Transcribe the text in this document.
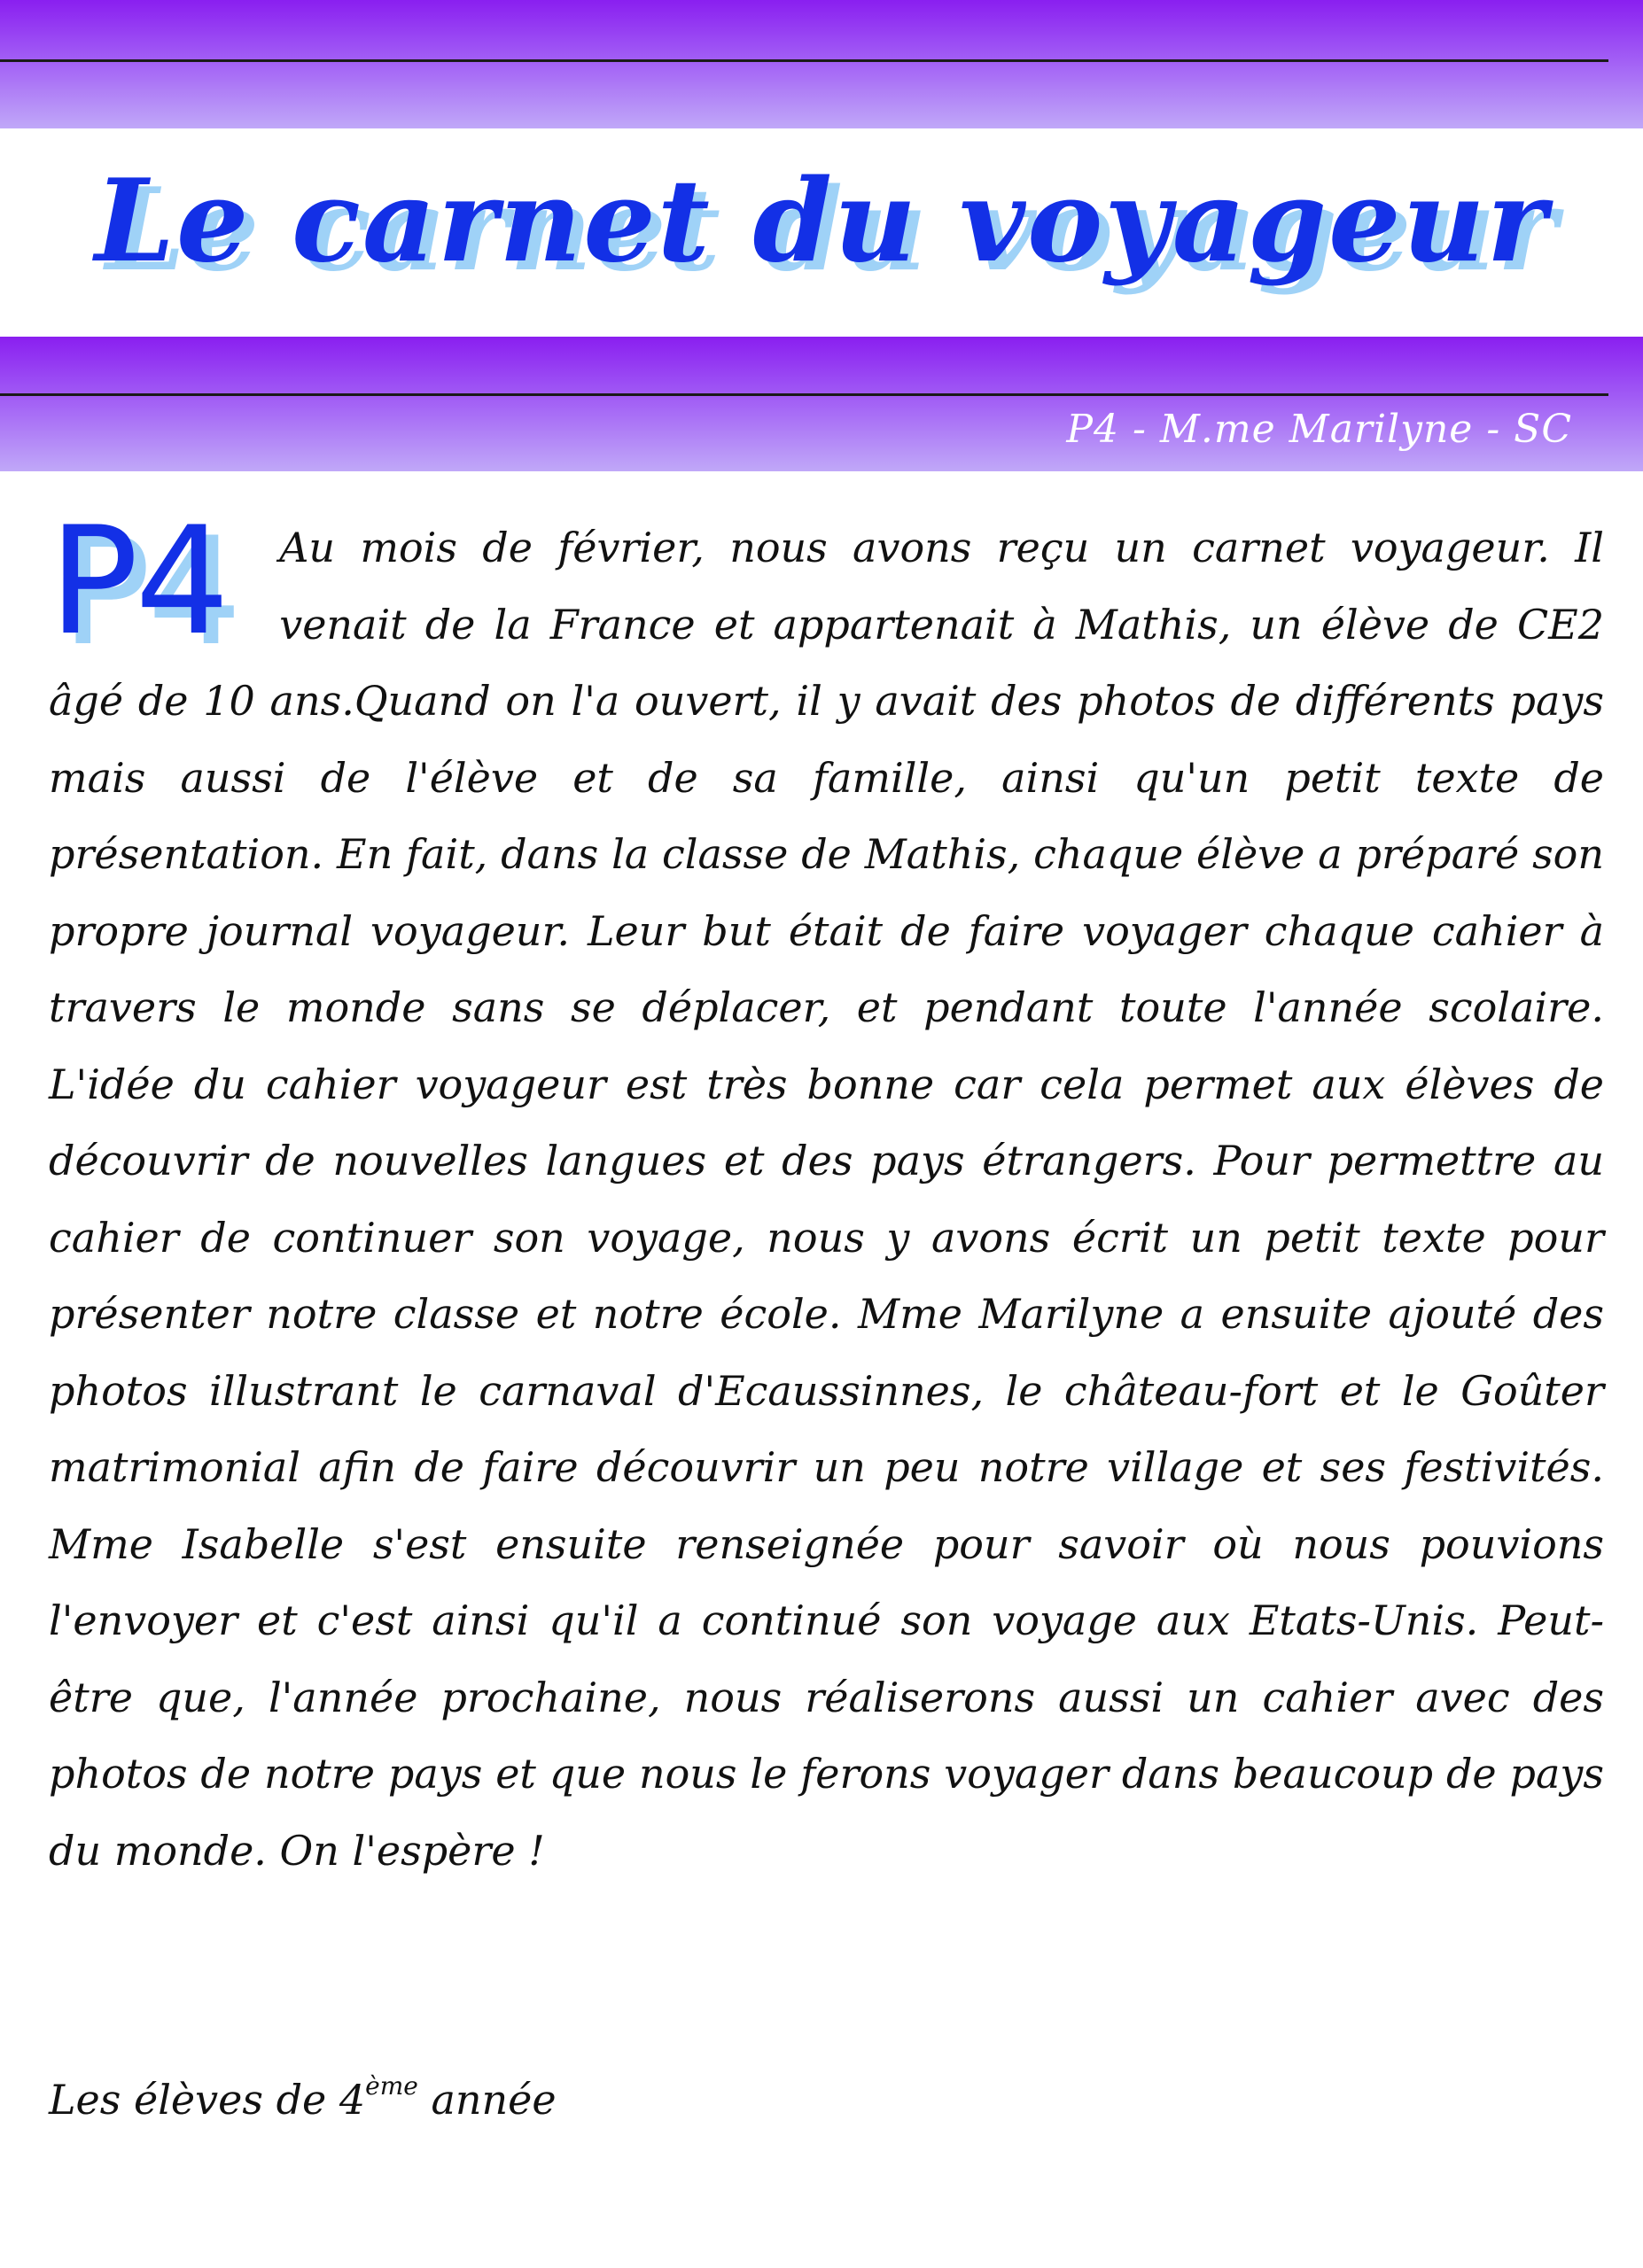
Le carnet du voyageur
P4 - M.me Marilyne - SC
P4	Au mois de février, nous avons reçu un carnet voyageur. Il venait de la France et appartenait à Mathis, un élève de CE2 âgé de 10 ans.Quand on l'a ouvert, il y avait des photos de différents pays mais aussi de l'élève et de sa famille, ainsi qu'un petit texte de présentation. En fait, dans la classe de Mathis, chaque élève a préparé son propre journal voyageur. Leur but était de faire voyager chaque cahier à travers le monde sans se déplacer, et pendant toute l'année scolaire. L'idée du cahier voyageur est très bonne car cela permet aux élèves de découvrir de nouvelles langues et des pays étrangers. Pour permettre au cahier de continuer son voyage, nous y avons écrit un petit texte pour présenter notre classe et notre école. Mme Marilyne a ensuite ajouté des photos illustrant le carnaval d'Ecaussinnes, le château-fort et le Goûter matrimonial afin de faire découvrir un peu notre village et ses festivités. Mme Isabelle s'est ensuite renseignée pour savoir où nous pouvions l'envoyer et c'est ainsi qu'il a continué son voyage aux Etats-Unis. Peut-être que, l'année prochaine, nous réaliserons aussi un cahier avec des photos de notre pays et que nous le ferons voyager dans beaucoup de pays du monde. On l'espère !

Les élèves de 4ème année
